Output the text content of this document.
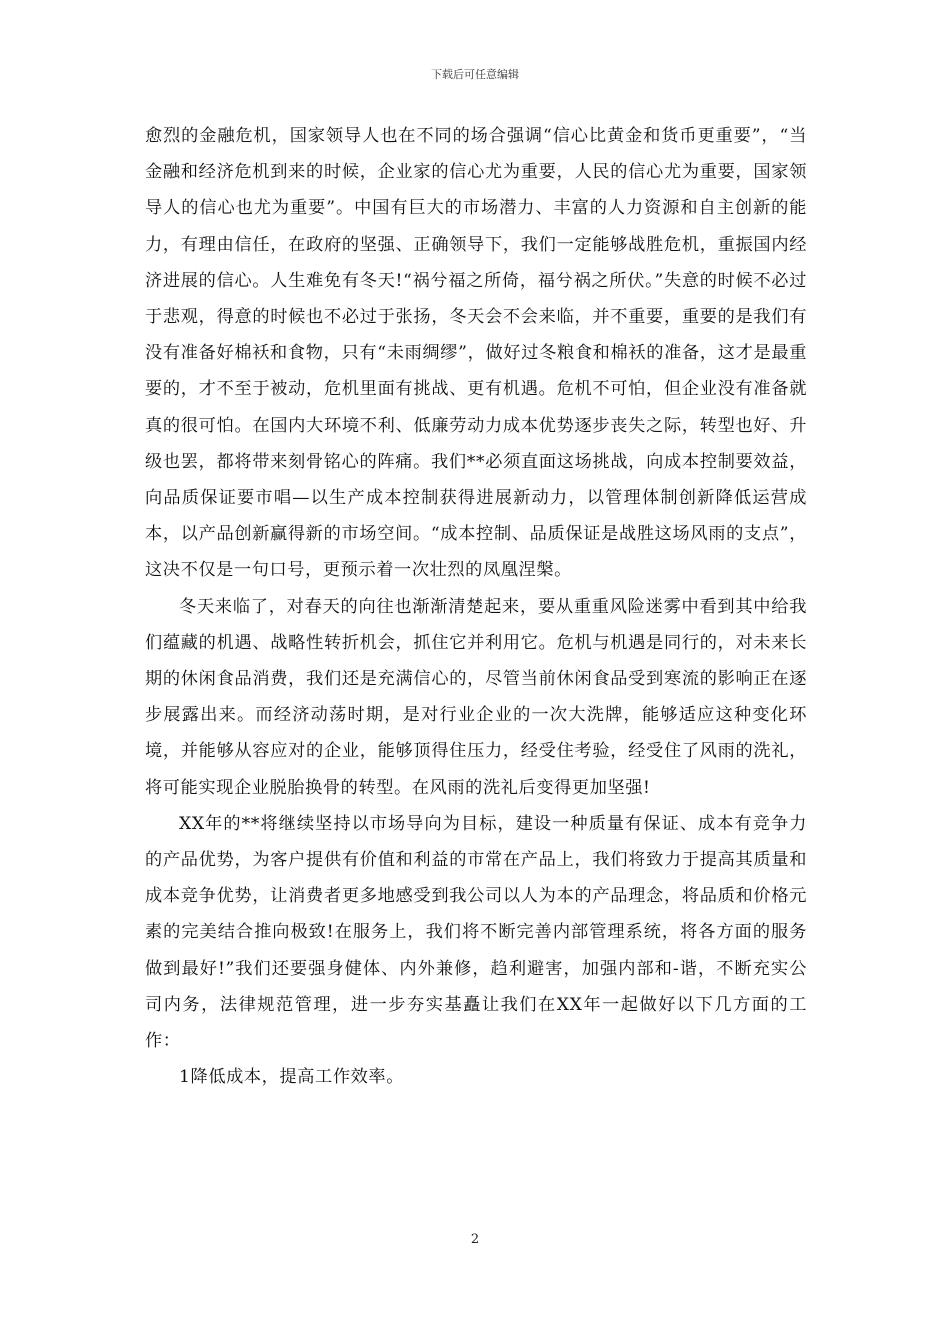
下载后可任意编辑

愈烈的金融危机，国家领导人也在不同的场合强调“信心比黄金和货币更重要”，“当金融和经济危机到来的时候，企业家的信心尤为重要，人民的信心尤为重要，国家领导人的信心也尤为重要”。中国有巨大的市场潜力、丰富的人力资源和自主创新的能力，有理由信任，在政府的坚强、正确领导下，我们一定能够战胜危机，重振国内经济进展的信心。人生难免有冬天!“祸兮福之所倚，福兮祸之所伏。”失意的时候不必过于悲观，得意的时候也不必过于张扬，冬天会不会来临，并不重要，重要的是我们有没有准备好棉袄和食物，只有“未雨绸缪”，做好过冬粮食和棉袄的准备，这才是最重要的，才不至于被动，危机里面有挑战、更有机遇。危机不可怕，但企业没有准备就真的很可怕。在国内大环境不利、低廉劳动力成本优势逐步丧失之际，转型也好、升级也罢，都将带来刻骨铭心的阵痛。我们**必须直面这场挑战，向成本控制要效益，向品质保证要市唱—以生产成本控制获得进展新动力，以管理体制创新降低运营成本，以产品创新赢得新的市场空间。“成本控制、品质保证是战胜这场风雨的支点”，这决不仅是一句口号，更预示着一次壮烈的凤凰涅槃。

冬天来临了，对春天的向往也渐渐清楚起来，要从重重风险迷雾中看到其中给我们蕴藏的机遇、战略性转折机会，抓住它并利用它。危机与机遇是同行的，对未来长期的休闲食品消费，我们还是充满信心的，尽管当前休闲食品受到寒流的影响正在逐步展露出来。而经济动荡时期，是对行业企业的一次大洗牌，能够适应这种变化环境，并能够从容应对的企业，能够顶得住压力，经受住考验，经受住了风雨的洗礼，将可能实现企业脱胎换骨的转型。在风雨的洗礼后变得更加坚强!

XX年的**将继续坚持以市场导向为目标，建设一种质量有保证、成本有竞争力的产品优势，为客户提供有价值和利益的市常在产品上，我们将致力于提高其质量和成本竞争优势，让消费者更多地感受到我公司以人为本的产品理念，将品质和价格元素的完美结合推向极致!在服务上，我们将不断完善内部管理系统，将各方面的服务做到最好!”我们还要强身健体、内外兼修，趋利避害，加强内部和-谐，不断充实公司内务，法律规范管理，进一步夯实基矗让我们在XX年一起做好以下几方面的工作：

1降低成本，提高工作效率。

2
